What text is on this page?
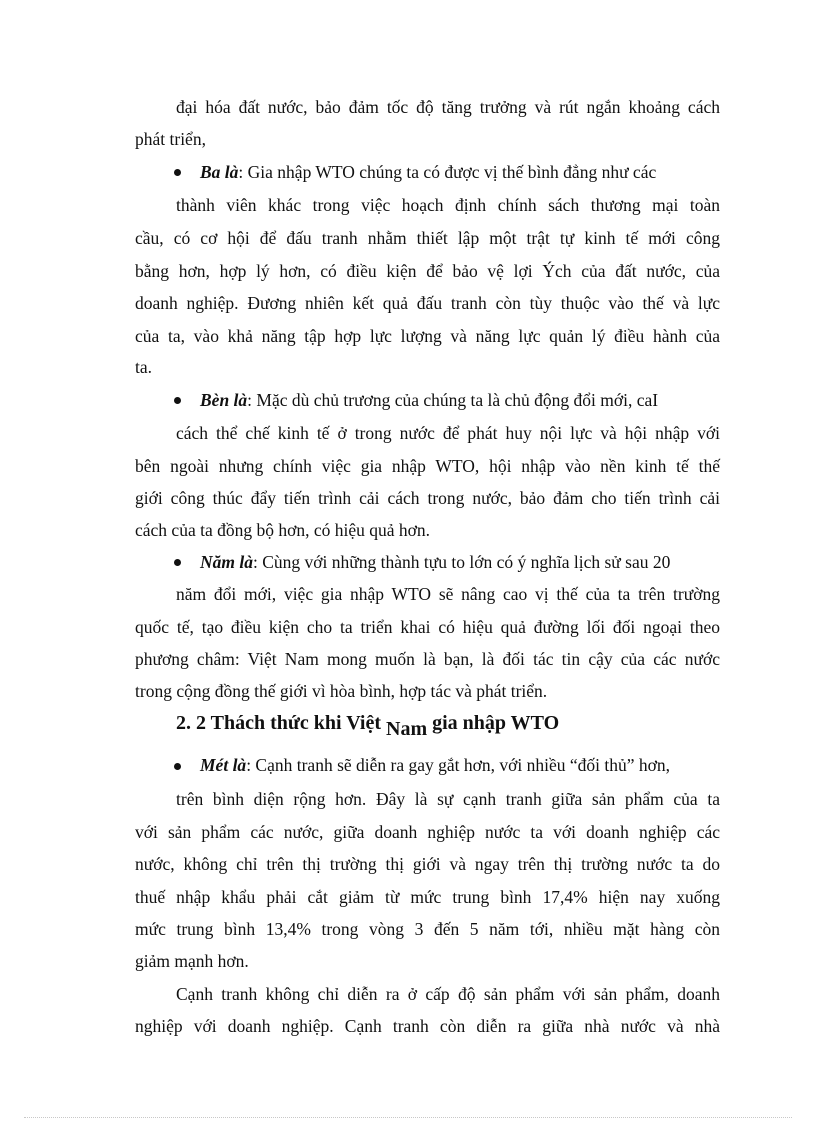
đại hóa đất nước, bảo đảm tốc độ tăng trưởng và rút ngắn khoảng cách
phát triển,
Ba là: Gia nhập WTO chúng ta có được vị thế bình đẳng như các
thành viên khác trong việc hoạch định chính sách thương mại toàn
cầu, có cơ hội để đấu tranh nhằm thiết lập một trật tự kinh tế mới công
bằng hơn, hợp lý hơn, có điều kiện để bảo vệ lợi Ých của đất nước, của
doanh nghiệp. Đương nhiên kết quả đấu tranh còn tùy thuộc vào thế và lực
của ta, vào khả năng tập hợp lực lượng và năng lực quản lý điều hành của
ta.
Bèn là: Mặc dù chủ trương của chúng ta là chủ động đổi mới, caI
cách thể chế kinh tế ở trong nước để phát huy nội lực và hội nhập với
bên ngoài nhưng chính việc gia nhập WTO, hội nhập vào nền kinh tế thế
giới công thúc đẩy tiến trình cải cách trong nước, bảo đảm cho tiến trình cải
cách của ta đồng bộ hơn, có hiệu quả hơn.
Năm là: Cùng với những thành tựu to lớn có ý nghĩa lịch sử sau 20
năm đổi mới, việc gia nhập WTO sẽ nâng cao vị thế của ta trên trường
quốc tế, tạo điều kiện cho ta triển khai có hiệu quả đường lối đối ngoại theo
phương châm: Việt Nam mong muốn là bạn, là đối tác tin cậy của các nước
trong cộng đồng thế giới vì hòa bình, hợp tác và phát triển.
2. 2 Thách thức khi Việt Nam gia nhập WTO
Mét là: Cạnh tranh sẽ diễn ra gay gắt hơn, với nhiều “đối thủ” hơn,
trên bình diện rộng hơn. Đây là sự cạnh tranh giữa sản phẩm của ta
với sản phẩm các nước, giữa doanh nghiệp nước ta với doanh nghiệp các
nước, không chỉ trên thị trường thị giới và ngay trên thị trường nước ta do
thuế nhập khẩu phải cắt giảm từ mức trung bình 17,4% hiện nay xuống
mức trung bình 13,4% trong vòng 3 đến 5 năm tới, nhiều mặt hàng còn
giảm mạnh hơn.
Cạnh tranh không chỉ diễn ra ở cấp độ sản phẩm với sản phẩm, doanh
nghiệp với doanh nghiệp. Cạnh tranh còn diễn ra giữa nhà nước và nhà
